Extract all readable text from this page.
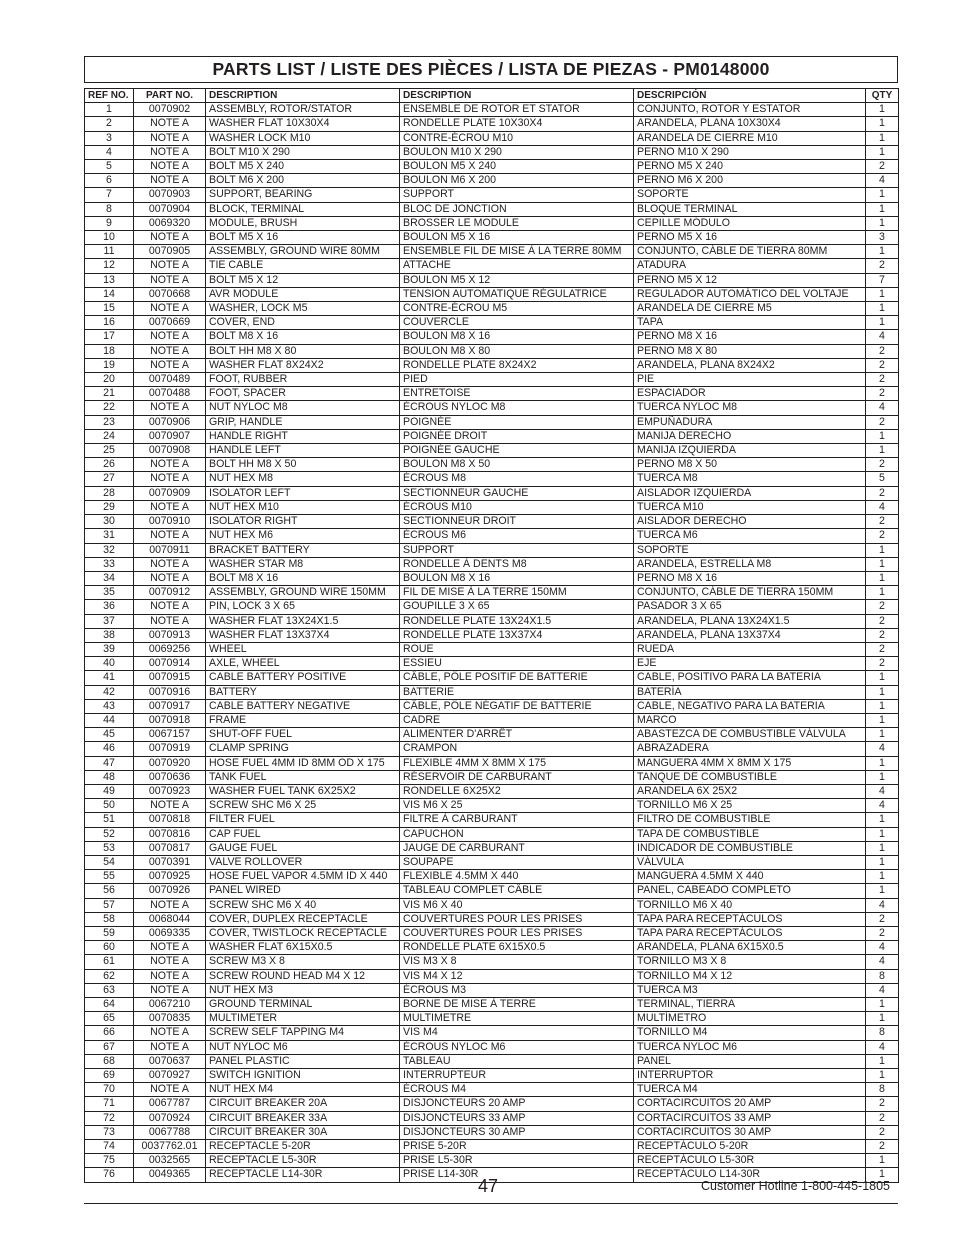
PARTS LIST / LISTE DES PIÈCES / LISTA DE PIEZAS - PM0148000
REF NO.	PART NO.	DESCRIPTION	DESCRIPTION	DESCRIPCIÓN	QTY
1	0070902	ASSEMBLY, ROTOR/STATOR	ENSEMBLE DE ROTOR ET STATOR	CONJUNTO, ROTOR Y ESTATOR	1
2	NOTE A	WASHER FLAT 10X30X4	RONDELLE PLATE 10X30X4	ARANDELA, PLANA 10X30X4	1
3	NOTE A	WASHER LOCK M10	CONTRE-ÉCROU M10	ARANDELA DE CIERRE M10	1
4	NOTE A	BOLT M10 X 290	BOULON M10 X 290	PERNO M10 X 290	1
5	NOTE A	BOLT M5 X 240	BOULON M5 X 240	PERNO M5 X 240	2
6	NOTE A	BOLT M6 X 200	BOULON M6 X 200	PERNO M6 X 200	4
7	0070903	SUPPORT, BEARING	SUPPORT	SOPORTE	1
8	0070904	BLOCK, TERMINAL	BLOC DE JONCTION	BLOQUE TERMINAL	1
9	0069320	MODULE, BRUSH	BROSSER LE MODULE	CEPILLE MÓDULO	1
10	NOTE A	BOLT M5 X 16	BOULON M5 X 16	PERNO M5 X 16	3
11	0070905	ASSEMBLY, GROUND WIRE 80MM	ENSEMBLE FIL DE MISE À LA TERRE 80MM	CONJUNTO, CÁBLE DE TIERRA 80MM	1
12	NOTE A	TIE CABLE	ATTACHE	ATADURA	2
13	NOTE A	BOLT M5 X 12	BOULON M5 X 12	PERNO M5 X 12	7
14	0070668	AVR MODULE	TENSION AUTOMATIQUE RÉGULATRICE	REGULADOR AUTOMÁTICO DEL VOLTAJE	1
15	NOTE A	WASHER, LOCK M5	CONTRE-ÉCROU M5	ARANDELA DE CIERRE M5	1
16	0070669	COVER, END	COUVERCLE	TAPA	1
17	NOTE A	BOLT M8 X 16	BOULON M8 X 16	PERNO M8 X 16	4
18	NOTE A	BOLT HH M8 X 80	BOULON M8 X 80	PERNO M8 X 80	2
19	NOTE A	WASHER FLAT 8X24X2	RONDELLE PLATE 8X24X2	ARANDELA, PLANA 8X24X2	2
20	0070489	FOOT, RUBBER	PIED	PIE	2
21	0070488	FOOT, SPACER	ENTRETOISE	ESPACIADOR	2
22	NOTE A	NUT NYLOC M8	ÉCROUS NYLOC M8	TUERCA NYLOC M8	4
23	0070906	GRIP, HANDLE	POIGNÉE	EMPUÑADURA	2
24	0070907	HANDLE RIGHT	POIGNÉE DROIT	MANIJA DERECHO	1
25	0070908	HANDLE LEFT	POIGNÉE GAUCHE	MANIJA IZQUIERDA	1
26	NOTE A	BOLT HH M8 X 50	BOULON M8 X 50	PERNO M8 X 50	2
27	NOTE A	NUT HEX M8	ÉCROUS M8	TUERCA M8	5
28	0070909	ISOLATOR LEFT	SECTIONNEUR GAUCHE	AISLADOR IZQUIERDA	2
29	NOTE A	NUT HEX M10	ÉCROUS M10	TUERCA M10	4
30	0070910	ISOLATOR RIGHT	SECTIONNEUR DROIT	AISLADOR DERECHO	2
31	NOTE A	NUT HEX M6	ÉCROUS M6	TUERCA M6	2
32	0070911	BRACKET BATTERY	SUPPORT	SOPORTE	1
33	NOTE A	WASHER STAR M8	RONDELLE À DENTS M8	ARANDELA, ESTRELLA M8	1
34	NOTE A	BOLT M8 X 16	BOULON M8 X 16	PERNO M8 X 16	1
35	0070912	ASSEMBLY, GROUND WIRE 150MM	FIL DE MISE À LA TERRE 150MM	CONJUNTO, CÁBLE DE TIERRA 150MM	1
36	NOTE A	PIN, LOCK 3 X 65	GOUPILLE 3 X 65	PASADOR 3 X 65	2
37	NOTE A	WASHER FLAT 13X24X1.5	RONDELLE PLATE 13X24X1.5	ARANDELA, PLANA 13X24X1.5	2
38	0070913	WASHER FLAT 13X37X4	RONDELLE PLATE 13X37X4	ARANDELA, PLANA 13X37X4	2
39	0069256	WHEEL	ROUE	RUEDA	2
40	0070914	AXLE, WHEEL	ESSIEU	EJE	2
41	0070915	CABLE BATTERY POSITIVE	CÂBLE, PÔLE POSITIF DE BATTERIE	CABLE, POSITIVO PARA LA BATERIA	1
42	0070916	BATTERY	BATTERIE	BATERÍA	1
43	0070917	CABLE BATTERY NEGATIVE	CÂBLE, PÔLE NÉGATIF DE BATTERIE	CABLE, NEGATIVO PARA LA BATERIA	1
44	0070918	FRAME	CADRE	MARCO	1
45	0067157	SHUT-OFF FUEL	ALIMENTER D'ARRÊT	ABASTEZCA DE COMBUSTIBLE VÁLVULA	1
46	0070919	CLAMP SPRING	CRAMPON	ABRAZADERA	4
47	0070920	HOSE FUEL 4MM ID 8MM OD X 175	FLEXIBLE 4MM X 8MM X 175	MANGUERA 4MM X 8MM X 175	1
48	0070636	TANK FUEL	RÉSERVOIR DE CARBURANT	TANQUE DE COMBUSTIBLE	1
49	0070923	WASHER FUEL TANK 6X25X2	RONDELLE 6X25X2	ARANDELA 6X 25X2	4
50	NOTE A	SCREW SHC M6 X 25	VIS M6 X 25	TORNILLO M6 X 25	4
51	0070818	FILTER FUEL	FILTRE À CARBURANT	FILTRO DE COMBUSTIBLE	1
52	0070816	CAP FUEL	CAPUCHON	TAPA DE COMBUSTIBLE	1
53	0070817	GAUGE FUEL	JAUGE DE CARBURANT	INDICADOR DE COMBUSTIBLE	1
54	0070391	VALVE ROLLOVER	SOUPAPE	VÁLVULA	1
55	0070925	HOSE FUEL VAPOR 4.5MM ID X 440	FLEXIBLE 4.5MM X 440	MANGUERA 4.5MM X 440	1
56	0070926	PANEL WIRED	TABLEAU COMPLET CÂBLE	PANEL, CABEADO COMPLETO	1
57	NOTE A	SCREW SHC M6 X 40	VIS M6 X 40	TORNILLO M6 X 40	4
58	0068044	COVER, DUPLEX RECEPTACLE	COUVERTURES POUR LES PRISES	TAPA PARA RECEPTÁCULOS	2
59	0069335	COVER, TWISTLOCK RECEPTACLE	COUVERTURES POUR LES PRISES	TAPA PARA RECEPTÁCULOS	2
60	NOTE A	WASHER FLAT 6X15X0.5	RONDELLE PLATE 6X15X0.5	ARANDELA, PLANA 6X15X0.5	4
61	NOTE A	SCREW M3 X 8	VIS M3 X 8	TORNILLO M3 X 8	4
62	NOTE A	SCREW ROUND HEAD M4 X 12	VIS M4 X 12	TORNILLO M4 X 12	8
63	NOTE A	NUT HEX M3	ÉCROUS M3	TUERCA M3	4
64	0067210	GROUND TERMINAL	BORNE DE MISE À TERRE	TERMINAL, TIERRA	1
65	0070835	MULTIMETER	MULTIMETRE	MULTÍMETRO	1
66	NOTE A	SCREW SELF TAPPING M4	VIS M4	TORNILLO M4	8
67	NOTE A	NUT NYLOC M6	ÉCROUS NYLOC M6	TUERCA NYLOC M6	4
68	0070637	PANEL PLASTIC	TABLEAU	PANEL	1
69	0070927	SWITCH IGNITION	INTERRUPTEUR	INTERRUPTOR	1
70	NOTE A	NUT HEX M4	ÉCROUS M4	TUERCA M4	8
71	0067787	CIRCUIT BREAKER 20A	DISJONCTEURS 20 AMP	CORTACIRCUITOS 20 AMP	2
72	0070924	CIRCUIT BREAKER 33A	DISJONCTEURS 33 AMP	CORTACIRCUITOS 33 AMP	2
73	0067788	CIRCUIT BREAKER 30A	DISJONCTEURS 30 AMP	CORTACIRCUITOS 30 AMP	2
74	0037762.01	RECEPTACLE 5-20R	PRISE 5-20R	RECEPTÁCULO 5-20R	2
75	0032565	RECEPTACLE L5-30R	PRISE L5-30R	RECEPTÁCULO L5-30R	1
76	0049365	RECEPTACLE L14-30R	PRISE L14-30R	RECEPTÁCULO L14-30R	1
47	Customer Hotline 1-800-445-1805
